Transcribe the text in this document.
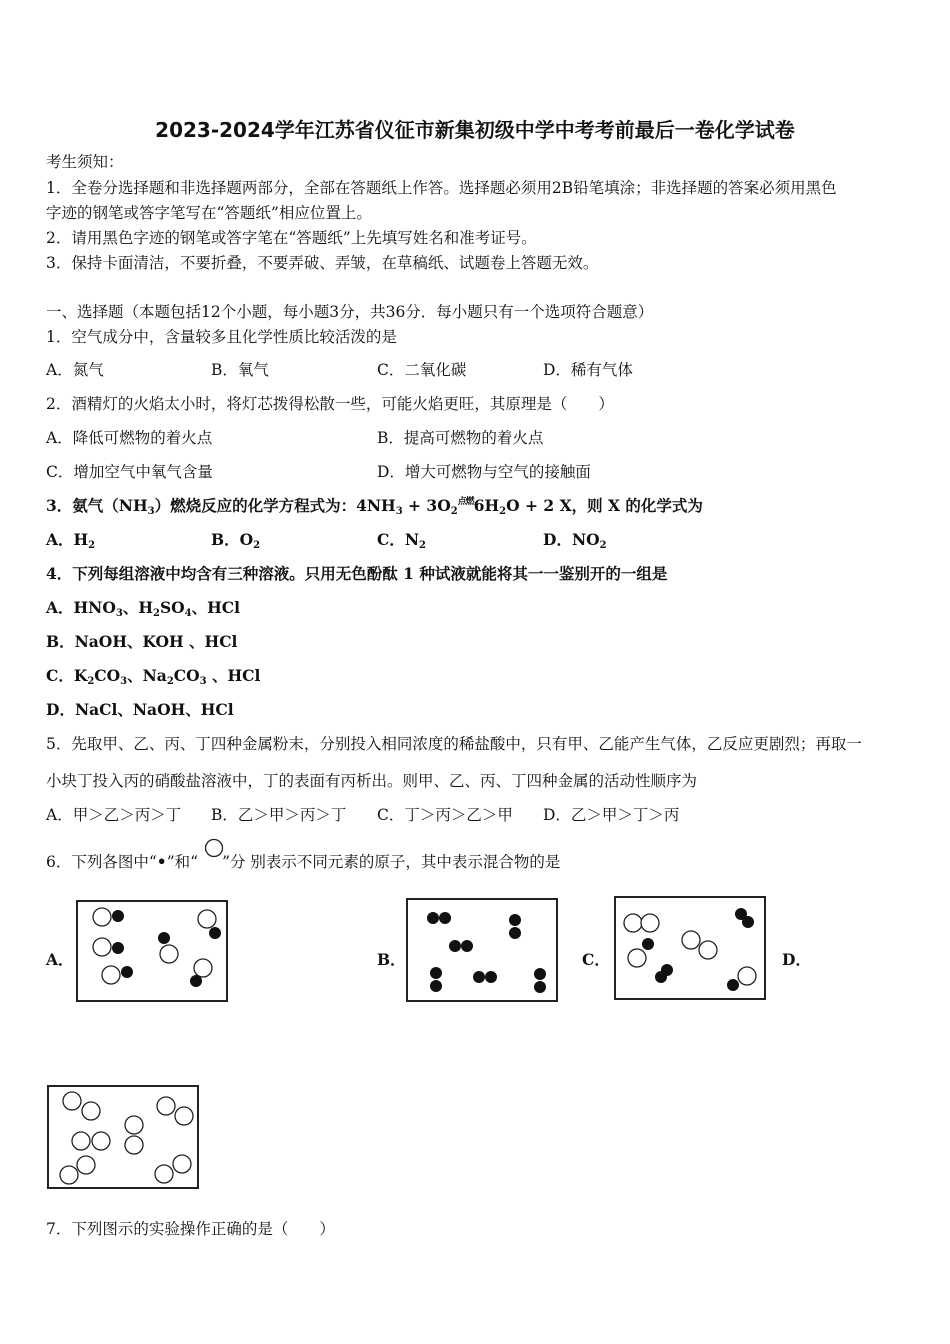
2023-2024学年江苏省仪征市新集初级中学中考考前最后一卷化学试卷
考生须知：
1．全卷分选择题和非选择题两部分，全部在答题纸上作答。选择题必须用2B铅笔填涂；非选择题的答案必须用黑色
字迹的钢笔或答字笔写在“答题纸”相应位置上。
2．请用黑色字迹的钢笔或答字笔在“答题纸”上先填写姓名和准考证号。
3．保持卡面清洁，不要折叠，不要弄破、弄皱，在草稿纸、试题卷上答题无效。
一、选择题（本题包括12个小题，每小题3分，共36分．每小题只有一个选项符合题意）
1．空气成分中，含量较多且化学性质比较活泼的是
A．氮气	B．氧气	C．二氧化碳	D．稀有气体
2．酒精灯的火焰太小时，将灯芯拨得松散一些，可能火焰更旺，其原理是（　　）
A．降低可燃物的着火点	B．提高可燃物的着火点
C．增加空气中氧气含量	D．增大可燃物与空气的接触面
3．氨气$(NH_3)$燃烧反应的化学方程式为：$4NH_3 + 3O_2^{点燃}6H_2O + 2$ X，则 X 的化学式为
A．$H_2$	B．$O_2$	C．$N_2$	D．$NO_2$
4．下列每组溶液中均含有三种溶液。只用无色酚酞 1 种试液就能将其一一鉴别开的一组是
A．$HNO_3$、$H_2SO_4$、HCl
B．NaOH、KOH 、HCl
C．$K_2CO_3$、$Na_2CO_3$ 、HCl
D．NaCl、NaOH、HCl
5．先取甲、乙、丙、丁四种金属粉末，分别投入相同浓度的稀盐酸中，只有甲、乙能产生气体，乙反应更剧烈；再取一
小块丁投入丙的硝酸盐溶液中，丁的表面有丙析出。则甲、乙、丙、丁四种金属的活动性顺序为
A．甲＞乙＞丙＞丁 B．乙＞甲＞丙＞丁 C．丁＞丙＞乙＞甲 D．乙＞甲＞丁＞丙
6．下列各图中“•”和“ ”分 别表示不同元素的原子，其中表示混合物的是
A．	B．	C．	D．
7．下列图示的实验操作正确的是（　　）
